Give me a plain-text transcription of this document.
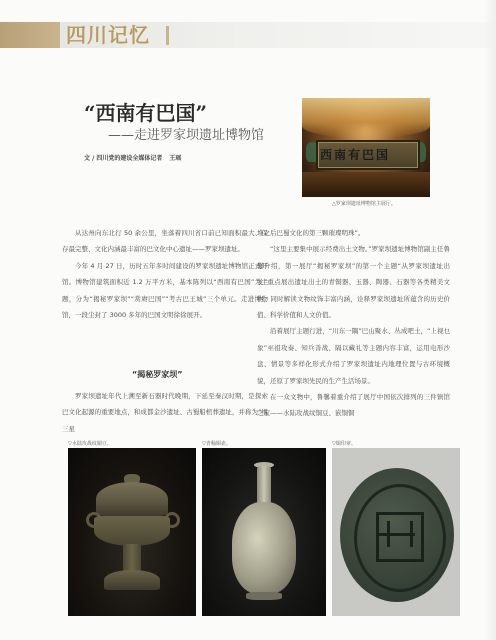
四川记忆
“西南有巴国”
——走进罗家坝遗址博物馆
文 / 四川党的建设全媒体记者 王瑶	西南有巴国
△罗家坝遗址博物馆主展厅。

从达州向东北行 50 余公里，坐落着四川省口前已知面积最大、保存最完整、文化内涵最丰富的巴文化中心遗址——罗家坝遗址。

今年 4 月 27 日，历时五年多时间建设的罗家坝遗址博物馆正式开馆。博物馆建筑面积近 1.2 万平方米，基本陈列以“西南有巴国”为主题，分为“揭秘罗家坝”“赏赓巴国”“考古巴王城”三个单元。走进博物馆，一段尘封了 3000 多年的巴国文明徐徐展开。

“揭秘罗家坝”

罗家坝遗址年代上溯至新石器时代晚期，下延至秦汉时期，是探索巴文化起源的重要地点，和成都金沙遗址、古蜀船棺葬遗址，并称为“继三星

堆之后巴蜀文化的第三颗璀璨明珠”。

“这里主要集中展示经费出土文物。”罗家坝遗址博物馆副主任鲁馨介绍，第一展厅“揭秘罗家坝”的第一个主题“从罗家坝遗址出发”重点展出遗址出土的青铜器、玉器、陶器、石器等各类精美文物，同时解读文物纹饰丰富内涵，诠释罗家坝遗址所蕴含的历史价值、科学价值和人文价值。

沿着展厅主题行进，“川东一隅”巴山聚水、丛成吧土，“上视乜象”巫祖攻奏、知兵善战、隔以藏礼等主题内容丰富，运用电形沙盘、情景等多样化形式介绍了罗家坝遗址内地理位置与古环境概貌，还原了罗家坝先民的生产生活场景。

在一众文物中，鲁馨着重介绍了展厅中国依次排列的三件镇馆之宝——水陆攻战纹铜豆、嵌铜铜

▽水陆攻战纹铜豆。	▽青釉铜壶。	▽铜印章。
